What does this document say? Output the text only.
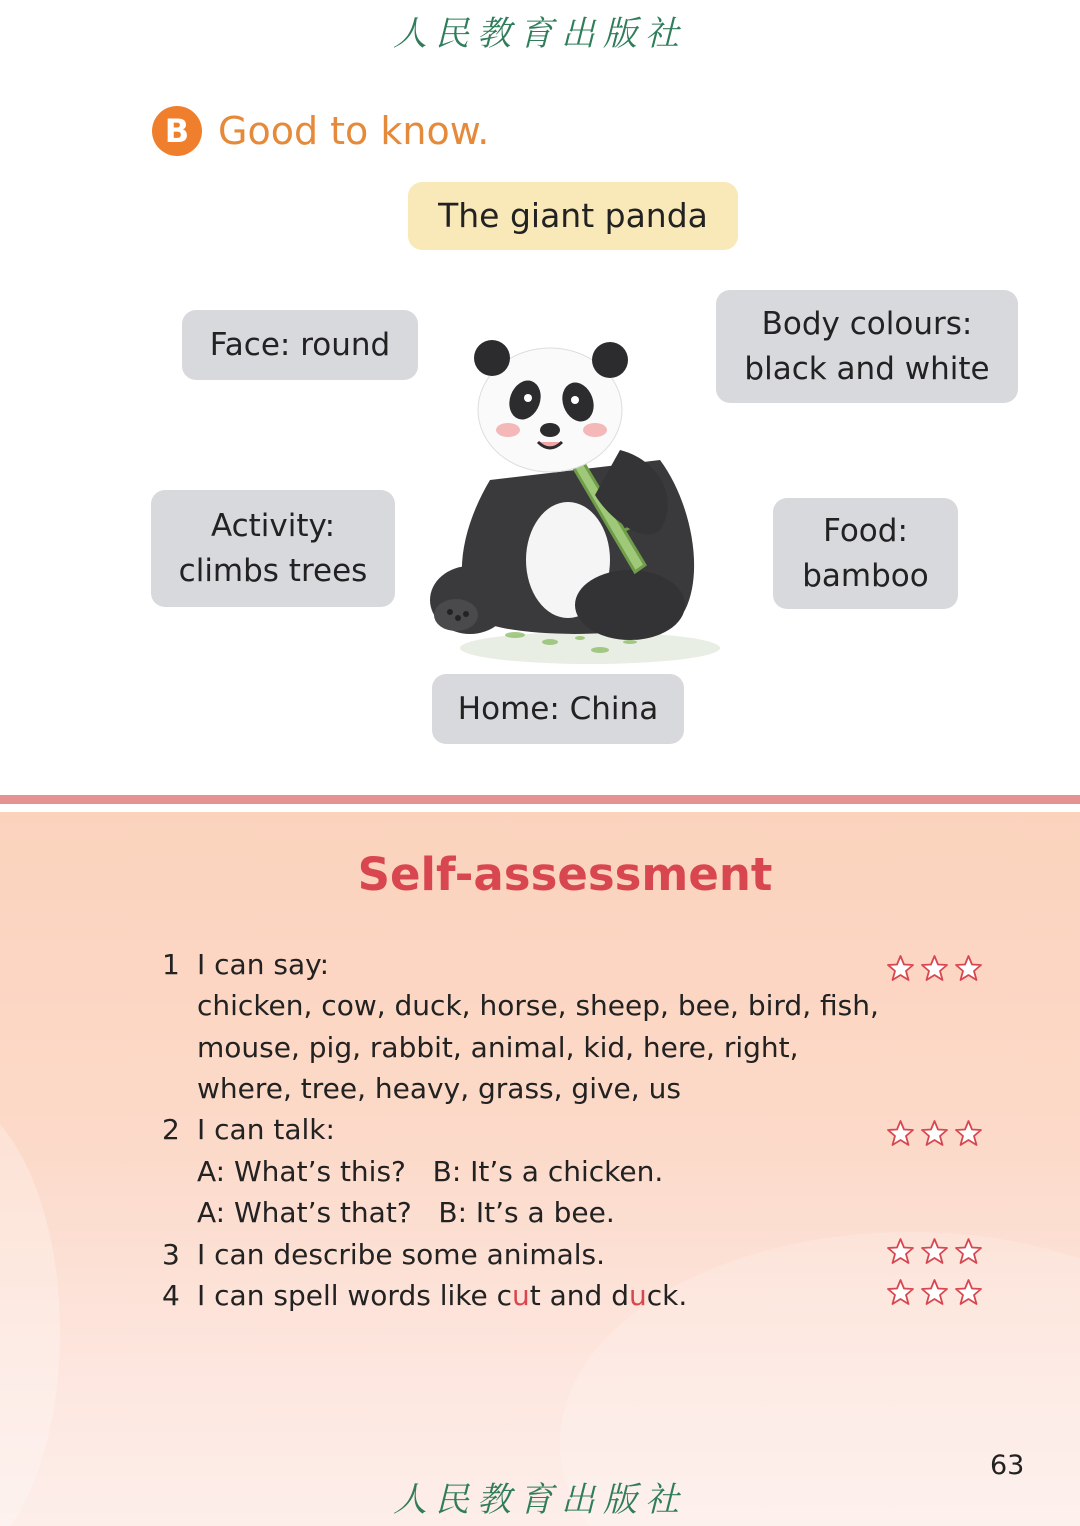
人民教育出版社
B Good to know.
The giant panda
Face: round
Body colours:
black and white
Activity:
climbs trees
Food:
bamboo
Home: China
Self-assessment
1 I can say:
chicken, cow, duck, horse, sheep, bee, bird, fish,
mouse, pig, rabbit, animal, kid, here, right,
where, tree, heavy, grass, give, us
2 I can talk:
A: What’s this?   B: It’s a chicken.
A: What’s that?   B: It’s a bee.
3 I can describe some animals.
4 I can spell words like cut and duck.
63
人民教育出版社
